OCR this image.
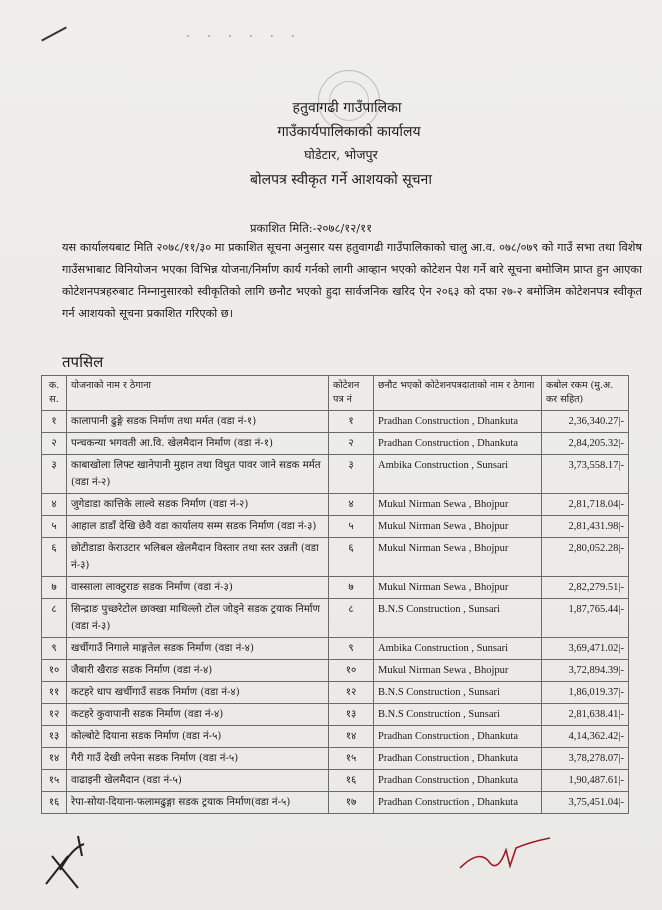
· · · · · ·
हतुवागढी गाउँपालिका
गाउँकार्यपालिकाको कार्यालय
घोडेटार, भोजपुर
बोलपत्र स्वीकृत गर्ने आशयको सूचना
प्रकाशित मिति:-२०७८/१२/११
यस कार्यालयबाट मिति २०७८/११/३० मा प्रकाशित सूचना अनुसार यस हतुवागढी गाउँपालिकाको चालु आ.व. ०७८/०७९ को गाउँ सभा तथा विशेष गाउँसभाबाट विनियोजन भएका विभिन्न योजना/निर्माण कार्य गर्नको लागी आव्हान भएको कोटेशन पेश गर्ने बारे सूचना बमोजिम प्राप्त हुन आएका कोटेशनपत्रहरुबाट निम्नानुसारको स्वीकृतिको लागि छनौट भएको हुदा सार्वजनिक खरिद ऐन २०६३ को दफा २७-२ बमोजिम कोटेशनपत्र स्वीकृत गर्न आशयको सूचना प्रकाशित गरिएको छ।
तपसिल
क. स.	योजनाको नाम र ठेगाना	कोटेशन पत्र नं	छनौट भएको कोटेशनपत्रदाताको नाम र ठेगाना	कबोल रकम (मु.अ. कर सहित)
१	कालापानी ढुङ्गे सडक निर्माण तथा मर्मत (वडा नं-१)	१	Pradhan Construction , Dhankuta	2,36,340.27|-
२	पन्चकन्या भगवती आ.वि. खेलमैदान निर्माण (वडा नं-१)	२	Pradhan Construction , Dhankuta	2,84,205.32|-
३	काबाखोला लिफ्ट खानेपानी मुहान तथा विधुत पावर जाने सडक मर्मत (वडा नं-२)	३	Ambika Construction , Sunsari	3,73,558.17|-
४	जुगेडाडा कात्तिके लाल्वे सडक निर्माण (वडा नं-२)	४	Mukul Nirman Sewa , Bhojpur	2,81,718.04|-
५	आहाल डाडाँ देखि छेवै वडा कार्यालय सम्म सडक निर्माण (वडा नं-३)	५	Mukul Nirman Sewa , Bhojpur	2,81,431.98|-
६	छोटीडाडा केराउटार भलिबल खेलमैदान विस्तार तथा स्तर उन्नती (वडा नं-३)	६	Mukul Nirman Sewa , Bhojpur	2,80,052.28|-
७	वास्साला लाक्टुराङ सडक निर्माण (वडा नं-३)	७	Mukul Nirman Sewa , Bhojpur	2,82,279.51|-
८	सिन्द्राङ पुच्छरेटोल छाक्खा माथिल्लो टोल जोड्ने सडक ट्रयाक निर्माण (वडा नं-३)	८	B.N.S Construction , Sunsari	1,87,765.44|-
९	खर्चीगाउँ निगाले माङ्गतेल सडक निर्माण (वडा नं-४)	९	Ambika Construction , Sunsari	3,69,471.02|-
१०	जैबारी खैराङ सडक निर्माण (वडा नं-४)	१०	Mukul Nirman Sewa , Bhojpur	3,72,894.39|-
११	कटहरे धाप खर्चीगाउँ सडक निर्माण (वडा नं-४)	१२	B.N.S Construction , Sunsari	1,86,019.37|-
१२	कटहरे कुवापानी सडक निर्माण (वडा नं-४)	१३	B.N.S Construction , Sunsari	2,81,638.41|-
१३	कोल्बोटे दियाना सडक निर्माण (वडा नं-५)	१४	Pradhan Construction , Dhankuta	4,14,362.42|-
१४	गैरी गाउँ देखी लपेना सडक निर्माण (वडा नं-५)	१५	Pradhan Construction , Dhankuta	3,78,278.07|-
१५	वाढाइनी खेलमैदान (वडा नं-५)	१६	Pradhan Construction , Dhankuta	1,90,487.61|-
१६	रेपा-सोया-दियाना-फलामढुङ्गा सडक ट्रयाक निर्माण(वडा नं-५)	१७	Pradhan Construction , Dhankuta	3,75,451.04|-
